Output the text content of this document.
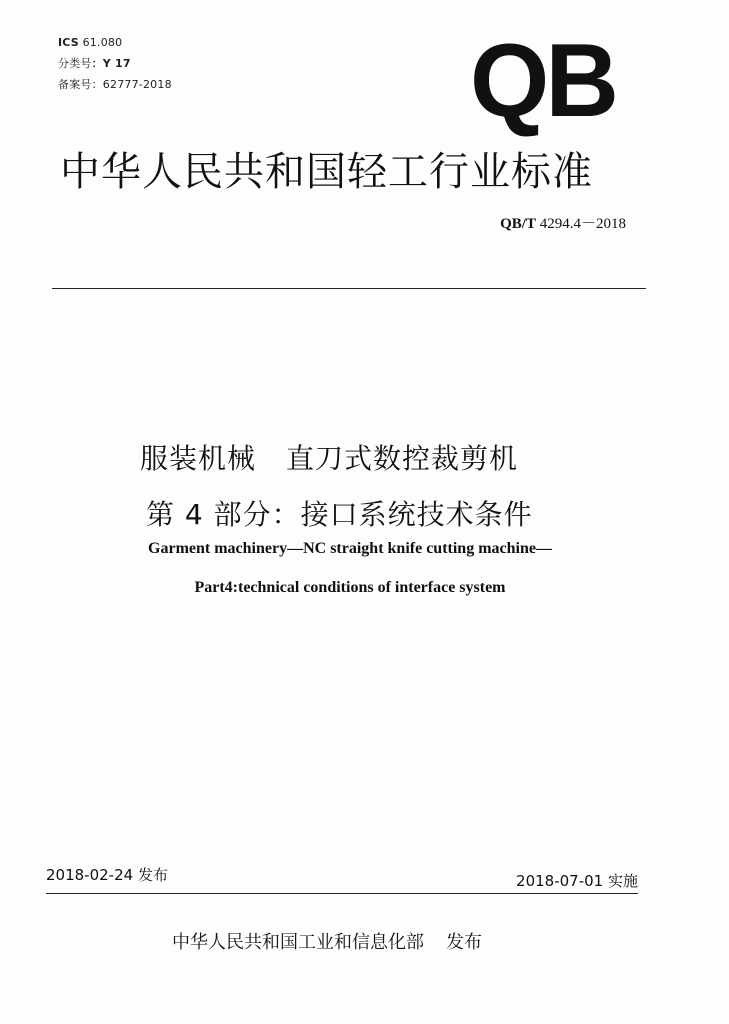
ICS 61.080
分类号：Y 17
备案号：62777-2018	QB
中华人民共和国轻工行业标准
QB/T 4294.4－2018
服装机械 直刀式数控裁剪机
第 4 部分：接口系统技术条件
Garment machinery—NC straight knife cutting machine—
Part4:technical conditions of interface system
2018-02-24 发布	2018-07-01 实施
中华人民共和国工业和信息化部 发布
